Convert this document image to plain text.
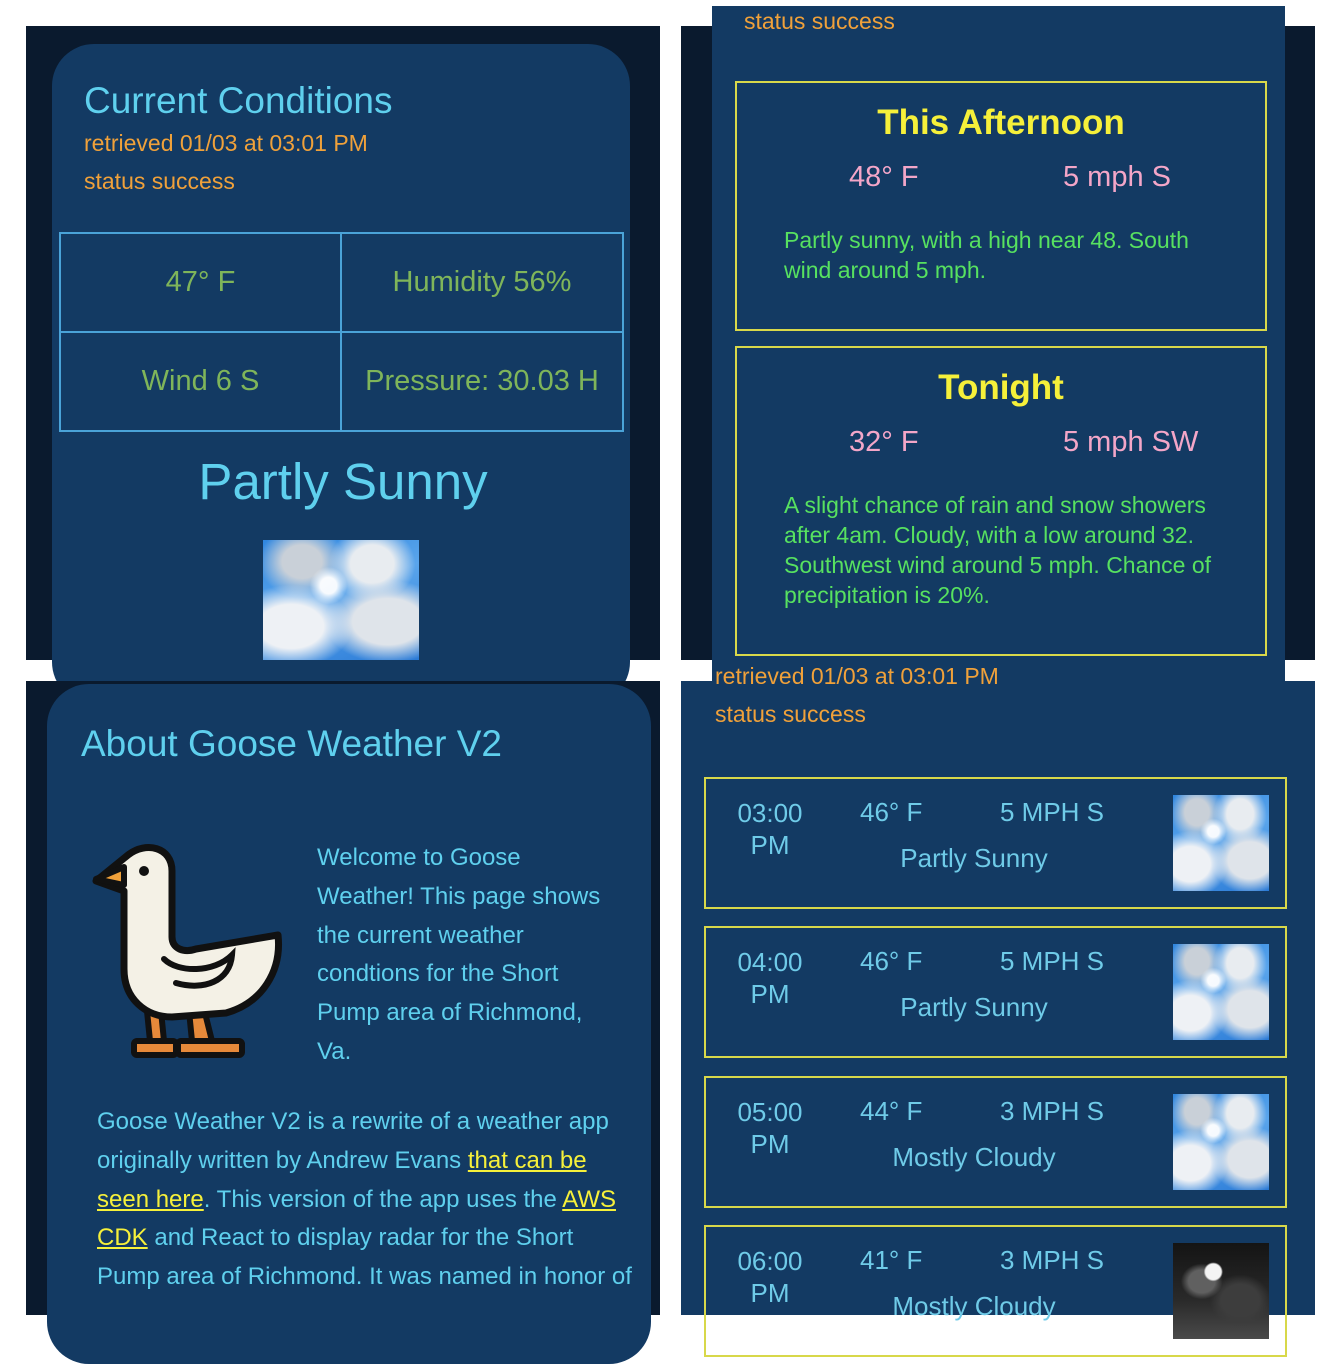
Current Conditions
retrieved 01/03 at 03:01 PM
status success
47° F	Humidity 56%
Wind 6 S	Pressure: 30.03 H
Partly Sunny
status success
This Afternoon
48° F	5 mph S
Partly sunny, with a high near 48. South wind around 5 mph.
Tonight
32° F	5 mph SW
A slight chance of rain and snow showers after 4am. Cloudy, with a low around 32. Southwest wind around 5 mph. Chance of precipitation is 20%.
About Goose Weather V2
Welcome to Goose Weather! This page shows the current weather condtions for the Short Pump area of Richmond, Va.
Goose Weather V2 is a rewrite of a weather app originally written by Andrew Evans that can be seen here. This version of the app uses the AWS CDK and React to display radar for the Short Pump area of Richmond. It was named in honor of
retrieved 01/03 at 03:01 PM
status success
03:00 PM
46° F	5 MPH S
Partly Sunny
04:00 PM
46° F	5 MPH S
Partly Sunny
05:00 PM
44° F	3 MPH S
Mostly Cloudy
06:00 PM
41° F	3 MPH S
Mostly Cloudy
